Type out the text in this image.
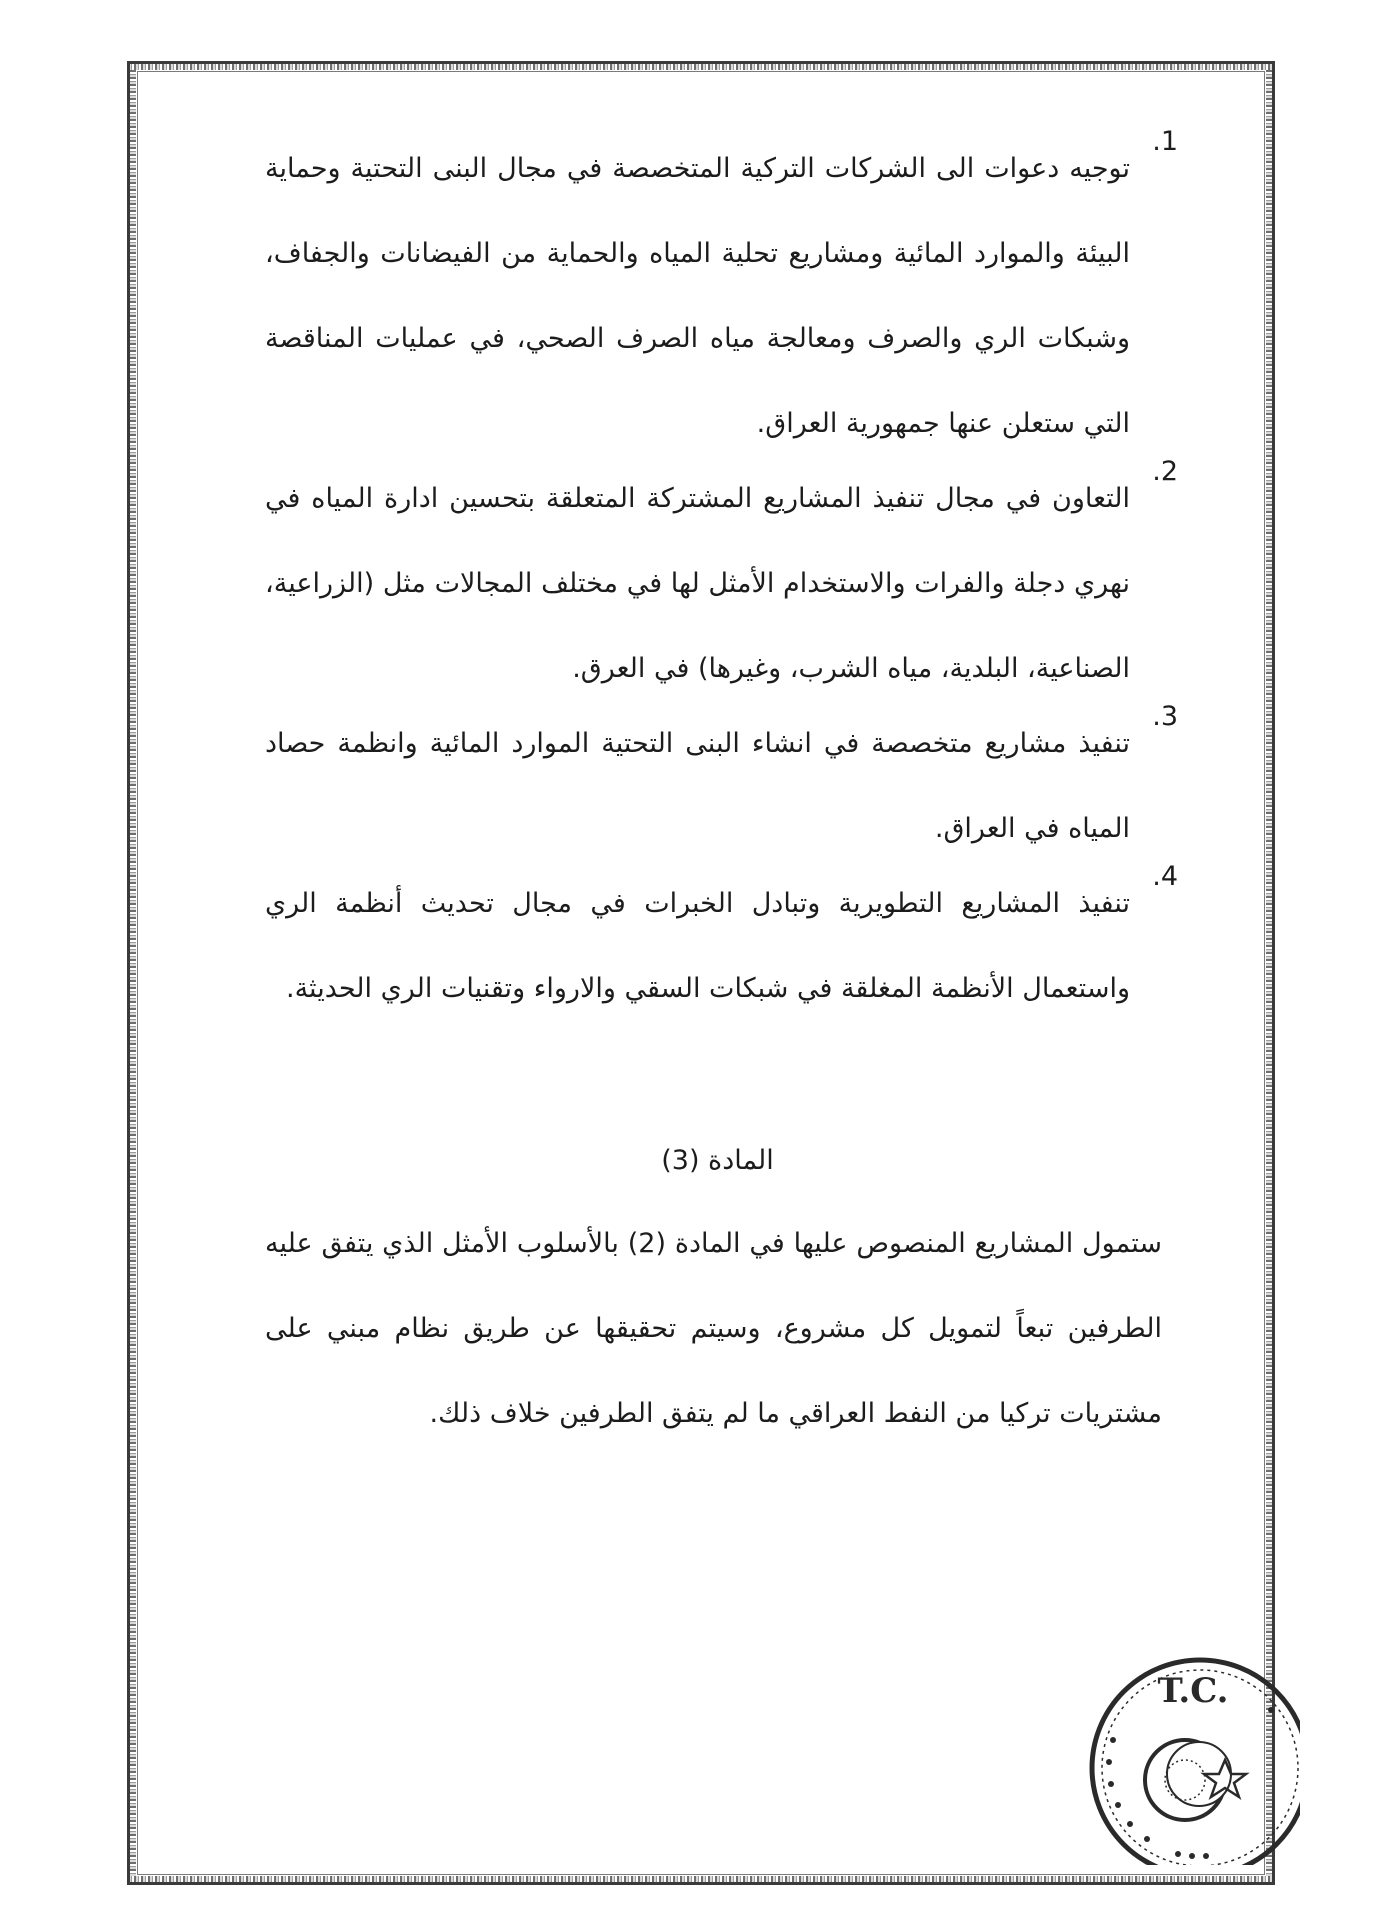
.1
توجيه دعوات الى الشركات التركية المتخصصة في مجال البنى التحتية وحماية البيئة والموارد المائية ومشاريع تحلية المياه والحماية من الفيضانات والجفاف، وشبكات الري والصرف ومعالجة مياه الصرف الصحي، في عمليات المناقصة التي ستعلن عنها جمهورية العراق.
.2
التعاون في مجال تنفيذ المشاريع المشتركة المتعلقة بتحسين ادارة المياه في نهري دجلة والفرات والاستخدام الأمثل لها في مختلف المجالات مثل (الزراعية، الصناعية، البلدية، مياه الشرب، وغيرها) في العرق.
.3
تنفيذ مشاريع متخصصة في انشاء البنى التحتية الموارد المائية وانظمة حصاد المياه في العراق.
.4
تنفيذ المشاريع التطويرية وتبادل الخبرات في مجال تحديث أنظمة الري واستعمال الأنظمة المغلقة في شبكات السقي والارواء وتقنيات الري الحديثة.
المادة (3)
ستمول المشاريع المنصوص عليها في المادة (2) بالأسلوب الأمثل الذي يتفق عليه الطرفين تبعاً لتمويل كل مشروع، وسيتم تحقيقها عن طريق نظام مبني على مشتريات تركيا من النفط العراقي ما لم يتفق الطرفين خلاف ذلك.
T.C.
